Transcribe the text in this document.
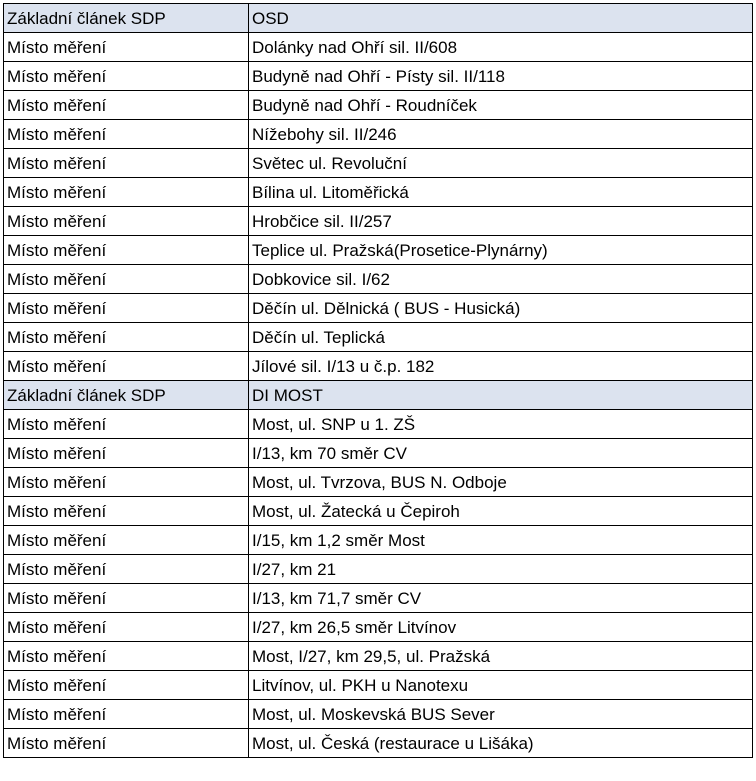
Základní článek SDP	OSD
Místo měření	Dolánky nad Ohří sil. II/608
Místo měření	Budyně nad Ohří - Písty sil. II/118
Místo měření	Budyně nad Ohří - Roudníček
Místo měření	Nížebohy sil. II/246
Místo měření	Světec ul. Revoluční
Místo měření	Bílina ul. Litoměřická
Místo měření	Hrobčice sil. II/257
Místo měření	Teplice ul. Pražská(Prosetice-Plynárny)
Místo měření	Dobkovice sil. I/62
Místo měření	Děčín ul. Dělnická ( BUS - Husická)
Místo měření	Děčín ul. Teplická
Místo měření	Jílové sil. I/13 u č.p. 182
Základní článek SDP	DI MOST
Místo měření	Most, ul. SNP u 1. ZŠ
Místo měření	I/13, km 70 směr CV
Místo měření	Most, ul. Tvrzova, BUS N. Odboje
Místo měření	Most, ul. Žatecká u Čepiroh
Místo měření	I/15, km 1,2 směr Most
Místo měření	I/27, km 21
Místo měření	I/13, km 71,7 směr CV
Místo měření	I/27, km 26,5 směr Litvínov
Místo měření	Most, I/27, km 29,5, ul. Pražská
Místo měření	Litvínov, ul. PKH u Nanotexu
Místo měření	Most, ul. Moskevská BUS Sever
Místo měření	Most, ul. Česká (restaurace u Lišáka)
